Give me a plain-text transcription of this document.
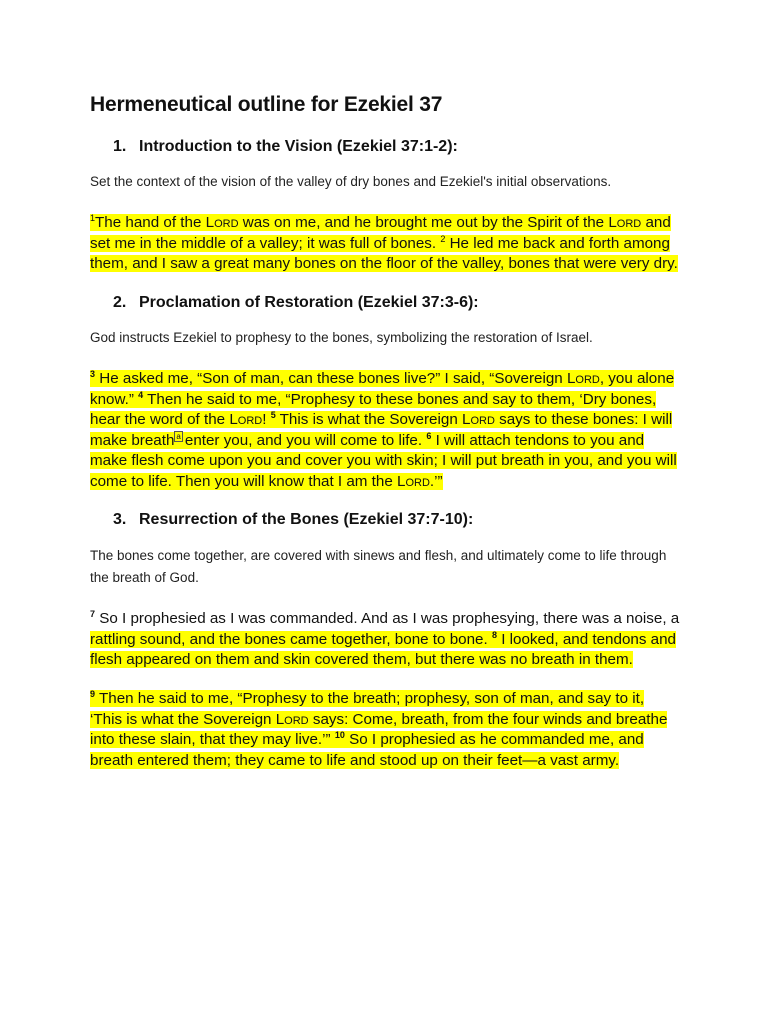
Hermeneutical outline for Ezekiel 37
1. Introduction to the Vision (Ezekiel 37:1-2):

Set the context of the vision of the valley of dry bones and Ezekiel's initial observations.

$^1$The hand of the Lord was on me, and he brought me out by the Spirit of the Lord and set me in the middle of a valley; it was full of bones. $^2$ He led me back and forth among them, and I saw a great many bones on the floor of the valley, bones that were very dry.

2. Proclamation of Restoration (Ezekiel 37:3-6):

God instructs Ezekiel to prophesy to the bones, symbolizing the restoration of Israel.

$^3$ He asked me, “Son of man, can these bones live?” I said, “Sovereign Lord, you alone know.” $^4$ Then he said to me, “Prophesy to these bones and say to them, ‘Dry bones, hear the word of the Lord! $^5$ This is what the Sovereign Lord says to these bones: I will make breath a enter you, and you will come to life. $^6$ I will attach tendons to you and make flesh come upon you and cover you with skin; I will put breath in you, and you will come to life. Then you will know that I am the Lord.’”

3. Resurrection of the Bones (Ezekiel 37:7-10):

The bones come together, are covered with sinews and flesh, and ultimately come to life through the breath of God.

$^7$ So I prophesied as I was commanded. And as I was prophesying, there was a noise, a rattling sound, and the bones came together, bone to bone. $^8$ I looked, and tendons and flesh appeared on them and skin covered them, but there was no breath in them.

$^9$ Then he said to me, “Prophesy to the breath; prophesy, son of man, and say to it, ‘This is what the Sovereign Lord says: Come, breath, from the four winds and breathe into these slain, that they may live.’” $^{10}$ So I prophesied as he commanded me, and breath entered them; they came to life and stood up on their feet—a vast army.
